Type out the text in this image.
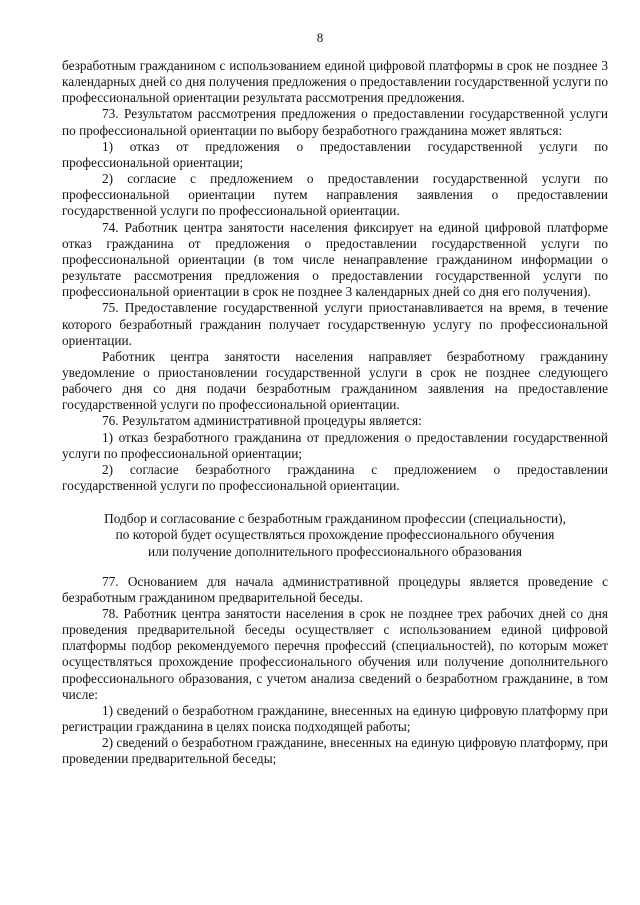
8

безработным гражданином с использованием единой цифровой платформы в срок не позднее 3 календарных дней со дня получения предложения о предоставлении государственной услуги по профессиональной ориентации результата рассмотрения предложения.

73. Результатом рассмотрения предложения о предоставлении государственной услуги по профессиональной ориентации по выбору безработного гражданина может являться:

1) отказ от предложения о предоставлении государственной услуги по профессиональной ориентации;

2) согласие с предложением о предоставлении государственной услуги по профессиональной ориентации путем направления заявления о предоставлении государственной услуги по профессиональной ориентации.

74. Работник центра занятости населения фиксирует на единой цифровой платформе отказ гражданина от предложения о предоставлении государственной услуги по профессиональной ориентации (в том числе ненаправление гражданином информации о результате рассмотрения предложения о предоставлении государственной услуги по профессиональной ориентации в срок не позднее 3 календарных дней со дня его получения).

75. Предоставление государственной услуги приостанавливается на время, в течение которого безработный гражданин получает государственную услугу по профессиональной ориентации.

Работник центра занятости населения направляет безработному гражданину уведомление о приостановлении государственной услуги в срок не позднее следующего рабочего дня со дня подачи безработным гражданином заявления на предоставление государственной услуги по профессиональной ориентации.

76. Результатом административной процедуры является:

1) отказ безработного гражданина от предложения о предоставлении государственной услуги по профессиональной ориентации;

2) согласие безработного гражданина с предложением о предоставлении государственной услуги по профессиональной ориентации.

Подбор и согласование с безработным гражданином профессии (специальности),
по которой будет осуществляться прохождение профессионального обучения
или получение дополнительного профессионального образования

77. Основанием для начала административной процедуры является проведение с безработным гражданином предварительной беседы.

78. Работник центра занятости населения в срок не позднее трех рабочих дней со дня проведения предварительной беседы осуществляет с использованием единой цифровой платформы подбор рекомендуемого перечня профессий (специальностей), по которым может осуществляться прохождение профессионального обучения или получение дополнительного профессионального образования, с учетом анализа сведений о безработном гражданине, в том числе:

1) сведений о безработном гражданине, внесенных на единую цифровую платформу при регистрации гражданина в целях поиска подходящей работы;

2) сведений о безработном гражданине, внесенных на единую цифровую платформу, при проведении предварительной беседы;
